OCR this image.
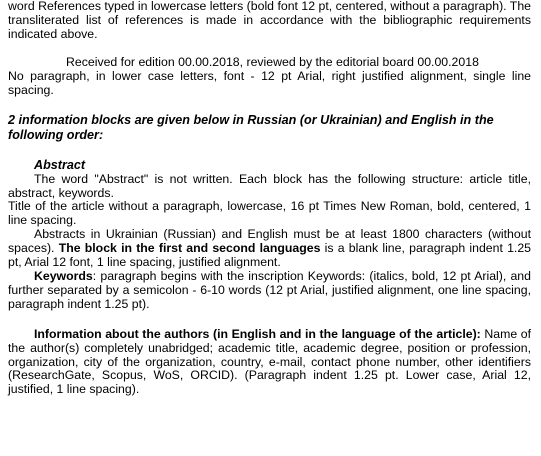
word References typed in lowercase letters (bold font 12 pt, centered, without a paragraph). The transliterated list of references is made in accordance with the bibliographic requirements indicated above.

Received for edition 00.00.2018, reviewed by the editorial board 00.00.2018

No paragraph, in lower case letters, font - 12 pt Arial, right justified alignment, single line spacing.

2 information blocks are given below in Russian (or Ukrainian) and English in the following order:

Abstract

The word "Abstract" is not written. Each block has the following structure: article title, abstract, keywords.

Title of the article without a paragraph, lowercase, 16 pt Times New Roman, bold, centered, 1 line spacing.

Abstracts in Ukrainian (Russian) and English must be at least 1800 characters (without spaces). The block in the first and second languages is a blank line, paragraph indent 1.25 pt, Arial 12 font, 1 line spacing, justified alignment.

Keywords: paragraph begins with the inscription Keywords: (italics, bold, 12 pt Arial), and further separated by a semicolon - 6-10 words (12 pt Arial, justified alignment, one line spacing, paragraph indent 1.25 pt).

Information about the authors (in English and in the language of the article): Name of the author(s) completely unabridged; academic title, academic degree, position or profession, organization, city of the organization, country, e-mail, contact phone number, other identifiers (ResearchGate, Scopus, WoS, ORCID). (Paragraph indent 1.25 pt. Lower case, Arial 12, justified, 1 line spacing).
